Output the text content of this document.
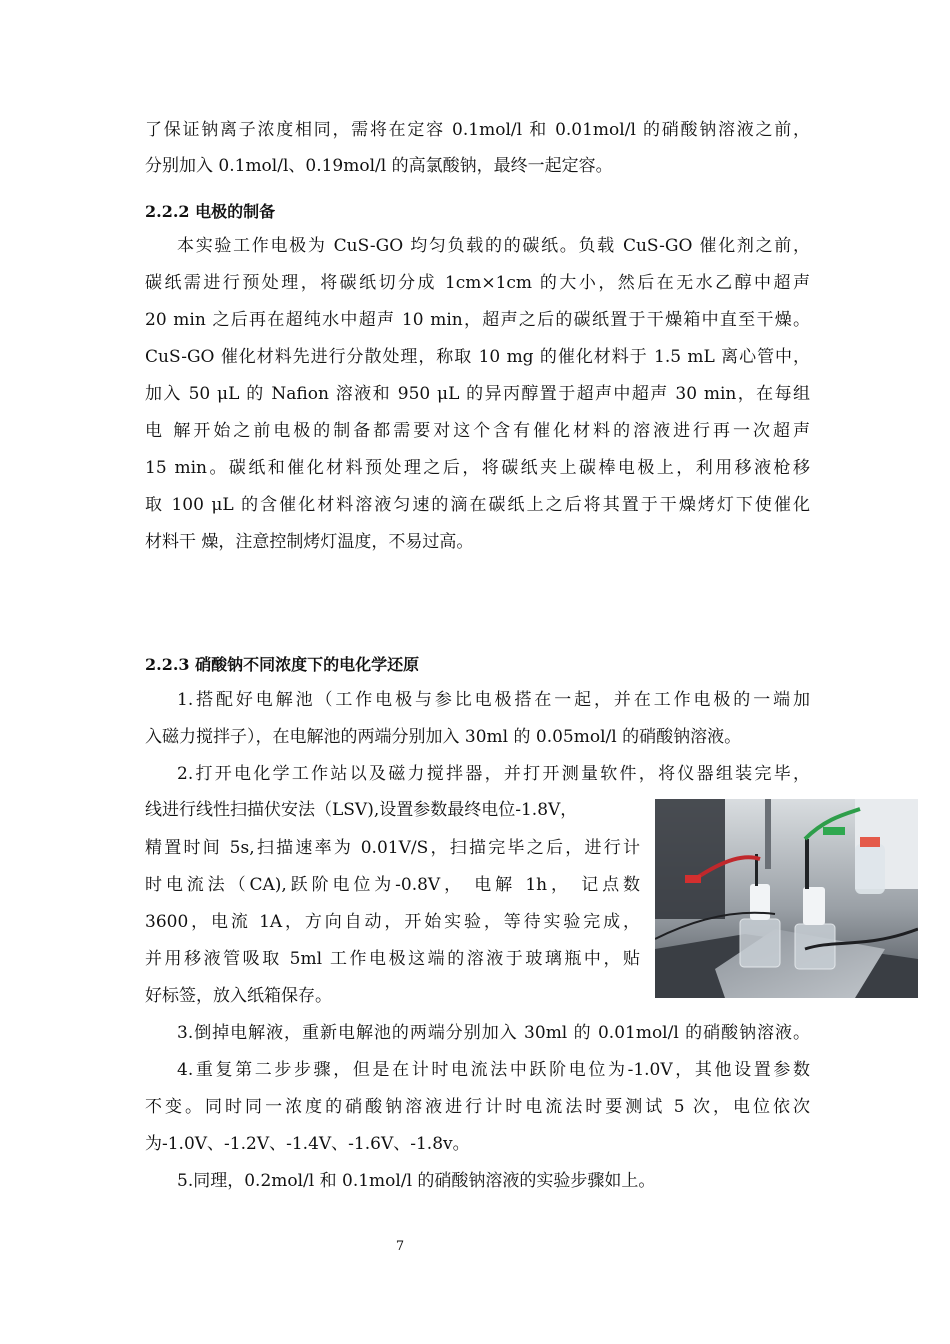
了保证钠离子浓度相同，需将在定容 0.1mol/l 和 0.01mol/l 的硝酸钠溶液之前，
分别加入 0.1mol/l、0.19mol/l 的高氯酸钠，最终一起定容。
2.2.2 电极的制备
本实验工作电极为 CuS-GO 均匀负载的的碳纸。负载 CuS-GO 催化剂之前，
碳纸需进行预处理，将碳纸切分成 1cm×1cm 的大小，然后在无水乙醇中超声
20 min 之后再在超纯水中超声 10 min，超声之后的碳纸置于干燥箱中直至干燥。
CuS-GO 催化材料先进行分散处理，称取 10 mg 的催化材料于 1.5 mL 离心管中，
加入 50 μL 的 Nafion 溶液和 950 μL 的异丙醇置于超声中超声 30 min，在每组
电 解开始之前电极的制备都需要对这个含有催化材料的溶液进行再一次超声
15 min。碳纸和催化材料预处理之后，将碳纸夹上碳棒电极上，利用移液枪移
取 100 μL 的含催化材料溶液匀速的滴在碳纸上之后将其置于干燥烤灯下使催化
材料干 燥，注意控制烤灯温度，不易过高。
2.2.3 硝酸钠不同浓度下的电化学还原
1.搭配好电解池（工作电极与参比电极搭在一起，并在工作电极的一端加
入磁力搅拌子），在电解池的两端分别加入 30ml 的 0.05mol/l 的硝酸钠溶液。
2.打开电化学工作站以及磁力搅拌器，并打开测量软件，将仪器组装完毕，
线进行线性扫描伏安法（LSV),设置参数最终电位-1.8V，
精置时间 5s,扫描速率为 0.01V/S，扫描完毕之后，进行计
时电流法（CA),跃阶电位为-0.8V， 电解 1h， 记点数
3600，电流 1A，方向自动，开始实验，等待实验完成，
并用移液管吸取 5ml 工作电极这端的溶液于玻璃瓶中，贴
好标签，放入纸箱保存。
3.倒掉电解液，重新电解池的两端分别加入 30ml 的 0.01mol/l 的硝酸钠溶液。
4.重复第二步步骤，但是在计时电流法中跃阶电位为-1.0V，其他设置参数
不变。同时同一浓度的硝酸钠溶液进行计时电流法时要测试 5 次，电位依次
为-1.0V、-1.2V、-1.4V、-1.6V、-1.8v。
5.同理，0.2mol/l 和 0.1mol/l 的硝酸钠溶液的实验步骤如上。
7
